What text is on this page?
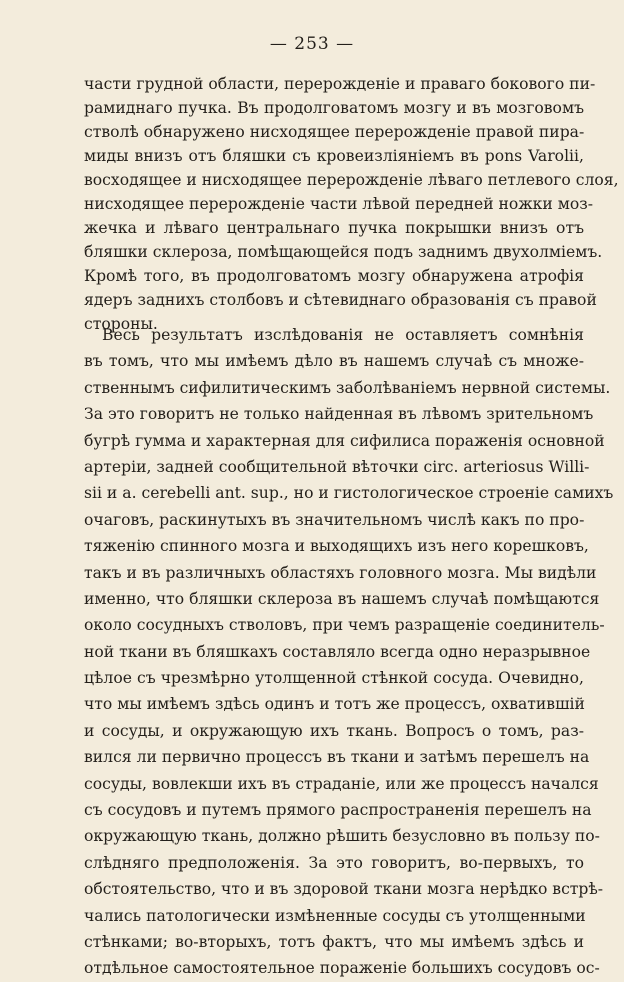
— 253 —
части грудной области, перерожденіе и праваго бокового пи-
рамиднаго пучка. Въ продолговатомъ мозгу и въ мозговомъ
стволѣ обнаружено нисходящее перерожденіе правой пира-
миды внизъ отъ бляшки съ кровеизліяніемъ въ pons Varolii,
восходящее и нисходящее перерожденіе лѣваго петлевого слоя,
нисходящее перерожденіе части лѣвой передней ножки моз-
жечка и лѣваго центральнаго пучка покрышки внизъ отъ
бляшки склероза, помѣщающейся подъ заднимъ двухолміемъ.
Кромѣ того, въ продолговатомъ мозгу обнаружена атрофія
ядеръ заднихъ столбовъ и сѣтевиднаго образованія съ правой
стороны.
Весь результатъ изслѣдованія не оставляетъ сомнѣнія
въ томъ, что мы имѣемъ дѣло въ нашемъ случаѣ съ множе-
ственнымъ сифилитическимъ заболѣваніемъ нервной системы.
За это говоритъ не только найденная въ лѣвомъ зрительномъ
бугрѣ гумма и характерная для сифилиса пораженія основной
артеріи, задней сообщительной вѣточки circ. arteriosus Willi-
sii и a. cerebelli ant. sup., но и гистологическое строеніе самихъ
очаговъ, раскинутыхъ въ значительномъ числѣ какъ по про-
тяженію спинного мозга и выходящихъ изъ него корешковъ,
такъ и въ различныхъ областяхъ головного мозга. Мы видѣли
именно, что бляшки склероза въ нашемъ случаѣ помѣщаются
около сосудныхъ стволовъ, при чемъ разращеніе соединитель-
ной ткани въ бляшкахъ составляло всегда одно неразрывное
цѣлое съ чрезмѣрно утолщенной стѣнкой сосуда. Очевидно,
что мы имѣемъ здѣсь одинъ и тотъ же процессъ, охватившій
и сосуды, и окружающую ихъ ткань. Вопросъ о томъ, раз-
вился ли первично процессъ въ ткани и затѣмъ перешелъ на
сосуды, вовлекши ихъ въ страданіе, или же процессъ начался
съ сосудовъ и путемъ прямого распространенія перешелъ на
окружающую ткань, должно рѣшить безусловно въ пользу по-
слѣдняго предположенія. За это говоритъ, во-первыхъ, то
обстоятельство, что и въ здоровой ткани мозга нерѣдко встрѣ-
чались патологически измѣненные сосуды съ утолщенными
стѣнками; во-вторыхъ, тотъ фактъ, что мы имѣемъ здѣсь и
отдѣльное самостоятельное пораженіе большихъ сосудовъ ос-
